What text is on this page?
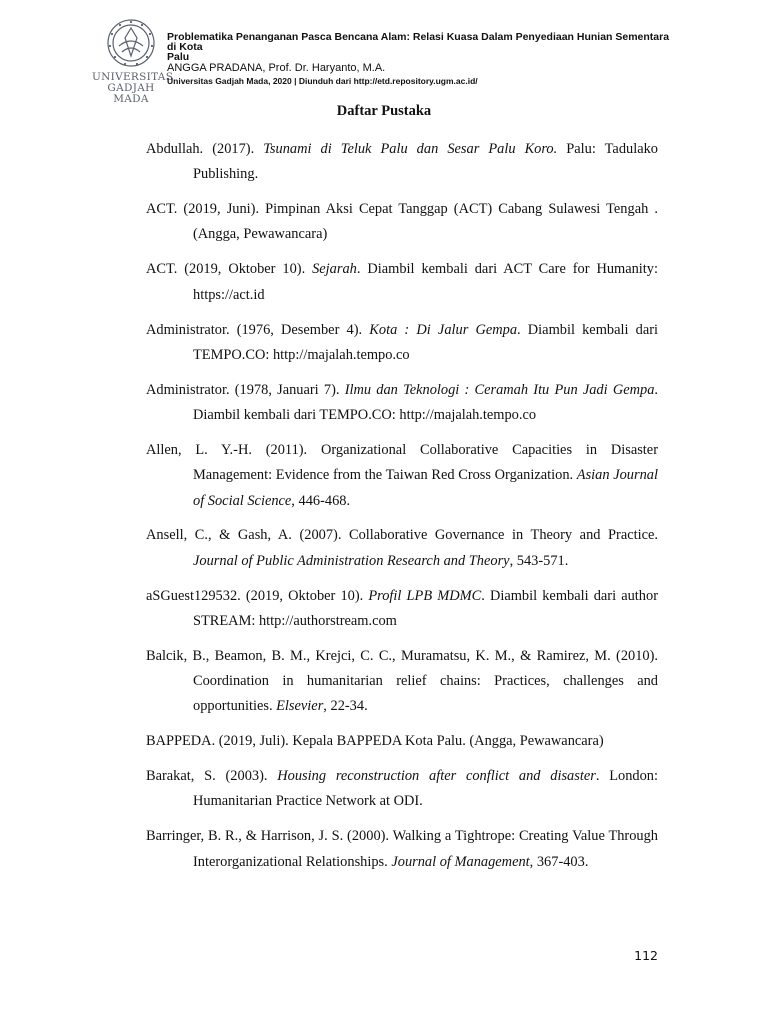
UNIVERSITAS
GADJAH MADA
Problematika Penanganan Pasca Bencana Alam: Relasi Kuasa Dalam Penyediaan Hunian Sementara
di Kota
Palu
ANGGA PRADANA, Prof. Dr. Haryanto, M.A.
Universitas Gadjah Mada, 2020 | Diunduh dari http://etd.repository.ugm.ac.id/
Daftar Pustaka

Abdullah. (2017). Tsunami di Teluk Palu dan Sesar Palu Koro. Palu: Tadulako Publishing.

ACT. (2019, Juni). Pimpinan Aksi Cepat Tanggap (ACT) Cabang Sulawesi Tengah . (Angga, Pewawancara)

ACT. (2019, Oktober 10). Sejarah. Diambil kembali dari ACT Care for Humanity: https://act.id

Administrator. (1976, Desember 4). Kota : Di Jalur Gempa. Diambil kembali dari TEMPO.CO: http://majalah.tempo.co

Administrator. (1978, Januari 7). Ilmu dan Teknologi : Ceramah Itu Pun Jadi Gempa. Diambil kembali dari TEMPO.CO: http://majalah.tempo.co

Allen, L. Y.-H. (2011). Organizational Collaborative Capacities in Disaster Management: Evidence from the Taiwan Red Cross Organization. Asian Journal of Social Science, 446-468.

Ansell, C., & Gash, A. (2007). Collaborative Governance in Theory and Practice. Journal of Public Administration Research and Theory, 543-571.

aSGuest129532. (2019, Oktober 10). Profil LPB MDMC. Diambil kembali dari author STREAM: http://authorstream.com

Balcik, B., Beamon, B. M., Krejci, C. C., Muramatsu, K. M., & Ramirez, M. (2010). Coordination in humanitarian relief chains: Practices, challenges and opportunities. Elsevier, 22-34.

BAPPEDA. (2019, Juli). Kepala BAPPEDA Kota Palu. (Angga, Pewawancara)

Barakat, S. (2003). Housing reconstruction after conflict and disaster. London: Humanitarian Practice Network at ODI.

Barringer, B. R., & Harrison, J. S. (2000). Walking a Tightrope: Creating Value Through Interorganizational Relationships. Journal of Management, 367-403.

112
